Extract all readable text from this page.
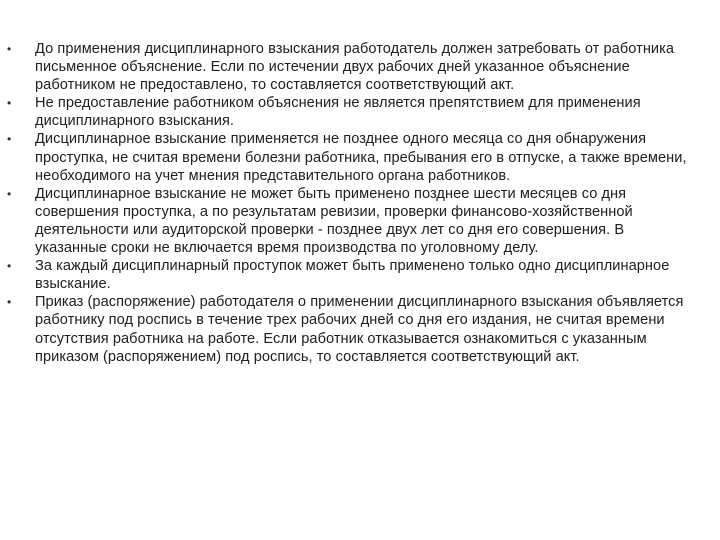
•	До применения дисциплинарного взыскания работодатель должен затребовать от работника письменное объяснение. Если по истечении двух рабочих дней указанное объяснение работником не предоставлено, то составляется соответствующий акт.
•	Не предоставление работником объяснения не является препятствием для применения дисциплинарного взыскания.
•	Дисциплинарное взыскание применяется не позднее одного месяца со дня обнаружения проступка, не считая времени болезни работника, пребывания его в отпуске, а также времени, необходимого на учет мнения представительного органа работников.
•	Дисциплинарное взыскание не может быть применено позднее шести месяцев со дня совершения проступка, а по результатам ревизии, проверки финансово-хозяйственной деятельности или аудиторской проверки - позднее двух лет со дня его совершения. В указанные сроки не включается время производства по уголовному делу.
•	За каждый дисциплинарный проступок может быть применено только одно дисциплинарное взыскание.
•	Приказ (распоряжение) работодателя о применении дисциплинарного взыскания объявляется работнику под роспись в течение трех рабочих дней со дня его издания, не считая времени отсутствия работника на работе. Если работник отказывается ознакомиться с указанным приказом (распоряжением) под роспись, то составляется соответствующий акт.
